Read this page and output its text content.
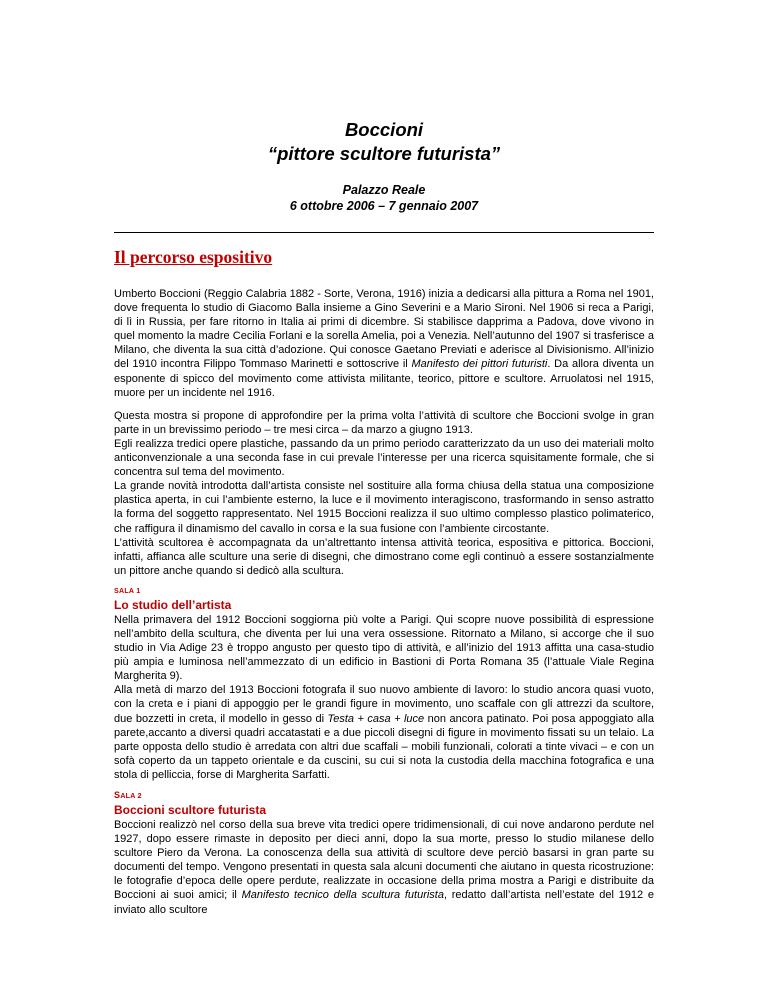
Boccioni
“pittore scultore futurista”
Palazzo Reale
6 ottobre 2006 – 7 gennaio 2007
Il percorso espositivo

Umberto Boccioni (Reggio Calabria 1882 - Sorte, Verona, 1916) inizia a dedicarsi alla pittura a Roma nel 1901, dove frequenta lo studio di Giacomo Balla insieme a Gino Severini e a Mario Sironi. Nel 1906 si reca a Parigi, di lì in Russia, per fare ritorno in Italia ai primi di dicembre. Si stabilisce dapprima a Padova, dove vivono in quel momento la madre Cecilia Forlani e la sorella Amelia, poi a Venezia. Nell’autunno del 1907 si trasferisce a Milano, che diventa la sua città d’adozione. Qui conosce Gaetano Previati e aderisce al Divisionismo. All’inizio del 1910 incontra Filippo Tommaso Marinetti e sottoscrive il Manifesto dei pittori futuristi. Da allora diventa un esponente di spicco del movimento come attivista militante, teorico, pittore e scultore. Arruolatosi nel 1915, muore per un incidente nel 1916.

Questa mostra si propone di approfondire per la prima volta l’attività di scultore che Boccioni svolge in gran parte in un brevissimo periodo – tre mesi circa – da marzo a giugno 1913.

Egli realizza tredici opere plastiche, passando da un primo periodo caratterizzato da un uso dei materiali molto anticonvenzionale a una seconda fase in cui prevale l’interesse per una ricerca squisitamente formale, che si concentra sul tema del movimento.

La grande novità introdotta dall’artista consiste nel sostituire alla forma chiusa della statua una composizione plastica aperta, in cui l’ambiente esterno, la luce e il movimento interagiscono, trasformando in senso astratto la forma del soggetto rappresentato. Nel 1915 Boccioni realizza il suo ultimo complesso plastico polimaterico, che raffigura il dinamismo del cavallo in corsa e la sua fusione con l’ambiente circostante.

L’attività scultorea è accompagnata da un’altrettanto intensa attività teorica, espositiva e pittorica. Boccioni, infatti, affianca alle sculture una serie di disegni, che dimostrano come egli continuò a essere sostanzialmente un pittore anche quando si dedicò alla scultura.

SALA 1
Lo studio dell’artista

Nella primavera del 1912 Boccioni soggiorna più volte a Parigi. Qui scopre nuove possibilità di espressione nell’ambito della scultura, che diventa per lui una vera ossessione. Ritornato a Milano, si accorge che il suo studio in Via Adige 23 è troppo angusto per questo tipo di attività, e all’inizio del 1913 affitta una casa-studio più ampia e luminosa nell’ammezzato di un edificio in Bastioni di Porta Romana 35 (l’attuale Viale Regina Margherita 9).

Alla metà di marzo del 1913 Boccioni fotografa il suo nuovo ambiente di lavoro: lo studio ancora quasi vuoto, con la creta e i piani di appoggio per le grandi figure in movimento, uno scaffale con gli attrezzi da scultore, due bozzetti in creta, il modello in gesso di Testa + casa + luce non ancora patinato. Poi posa appoggiato alla parete,accanto a diversi quadri accatastati e a due piccoli disegni di figure in movimento fissati su un telaio. La parte opposta dello studio è arredata con altri due scaffali – mobili funzionali, colorati a tinte vivaci – e con un sofà coperto da un tappeto orientale e da cuscini, su cui si nota la custodia della macchina fotografica e una stola di pelliccia, forse di Margherita Sarfatti.

SALA 2
Boccioni scultore futurista

Boccioni realizzò nel corso della sua breve vita tredici opere tridimensionali, di cui nove andarono perdute nel 1927, dopo essere rimaste in deposito per dieci anni, dopo la sua morte, presso lo studio milanese dello scultore Piero da Verona. La conoscenza della sua attività di scultore deve perciò basarsi in gran parte su documenti del tempo. Vengono presentati in questa sala alcuni documenti che aiutano in questa ricostruzione: le fotografie d’epoca delle opere perdute, realizzate in occasione della prima mostra a Parigi e distribuite da Boccioni ai suoi amici; il Manifesto tecnico della scultura futurista, redatto dall’artista nell’estate del 1912 e inviato allo scultore
